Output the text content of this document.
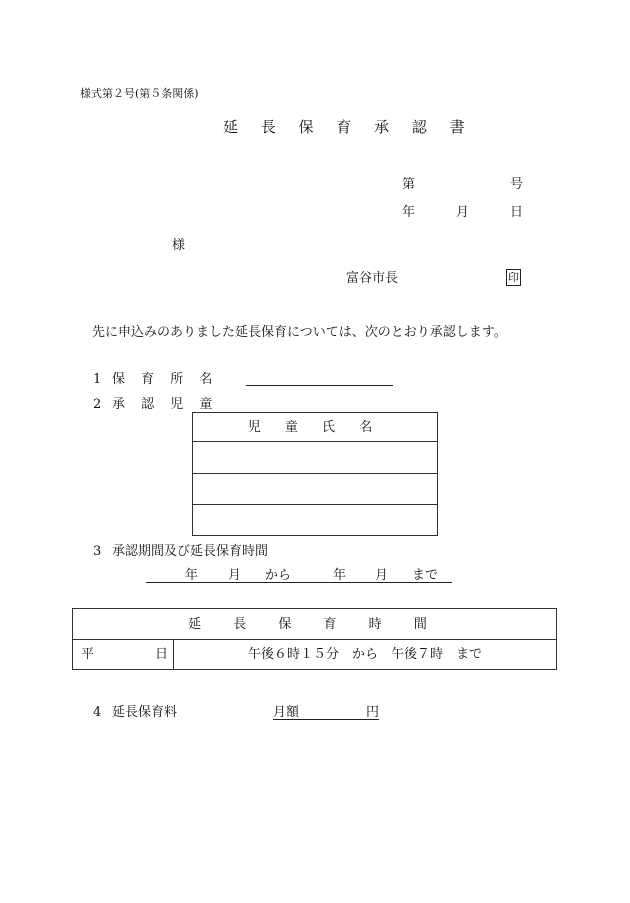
様式第２号(第５条関係)
延 長 保 育 承 認 書
第	号
年	月	日
様
富谷市長	印
先に申込みのありました延長保育については、次のとおり承認します。
1 保 育 所 名
2 承 認 児 童
児 童 氏 名

3 承認期間及び延長保育時間
年 月 から	年 月 まで
延 長 保 育 時 間

平	日	午後６時１５分　から　午後７時　まで
4 延長保育料	月額	円
